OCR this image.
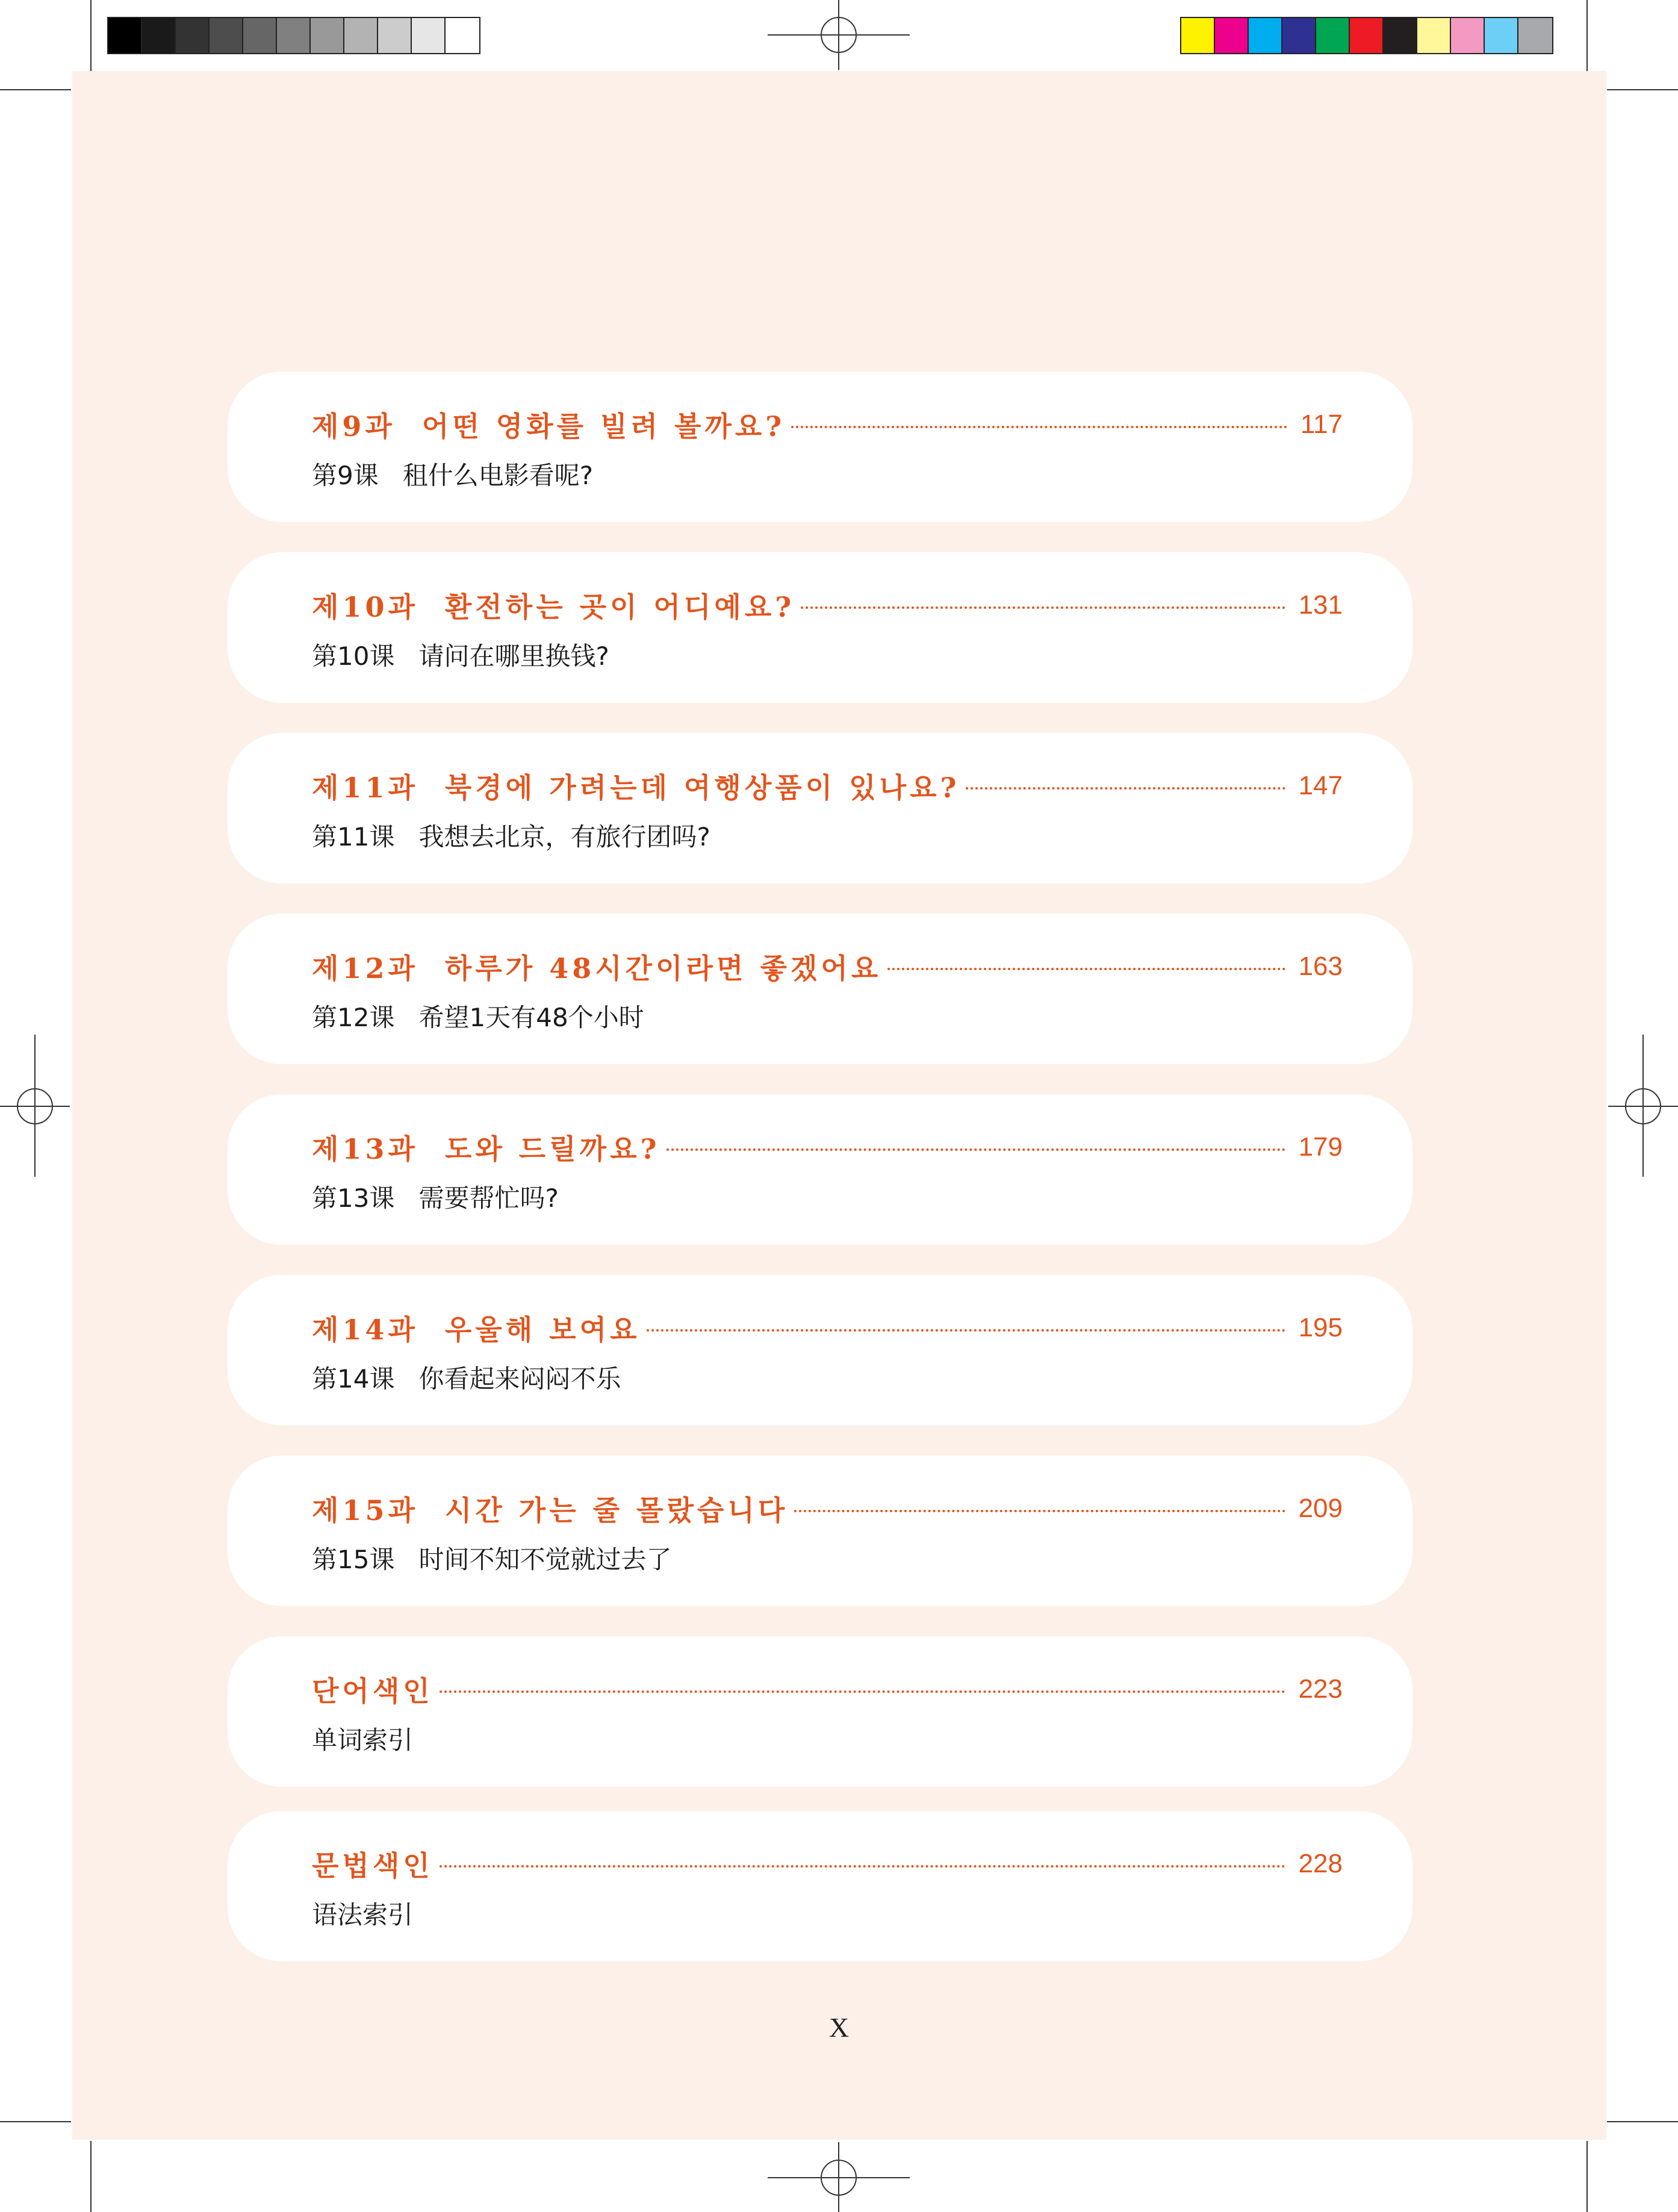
제9과  어떤 영화를 빌려 볼까요?	117
第9课   租什么电影看呢?
제10과  환전하는 곳이 어디예요?	131
第10课   请问在哪里换钱?
제11과  북경에 가려는데 여행상품이 있나요?	147
第11课   我想去北京，有旅行团吗?
제12과  하루가 48시간이라면 좋겠어요	163
第12课   希望1天有48个小时
제13과  도와 드릴까요?	179
第13课   需要帮忙吗?
제14과  우울해 보여요	195
第14课   你看起来闷闷不乐
제15과  시간 가는 줄 몰랐습니다	209
第15课   时间不知不觉就过去了
단어색인	223
单词索引
문법색인	228
语法索引
X
